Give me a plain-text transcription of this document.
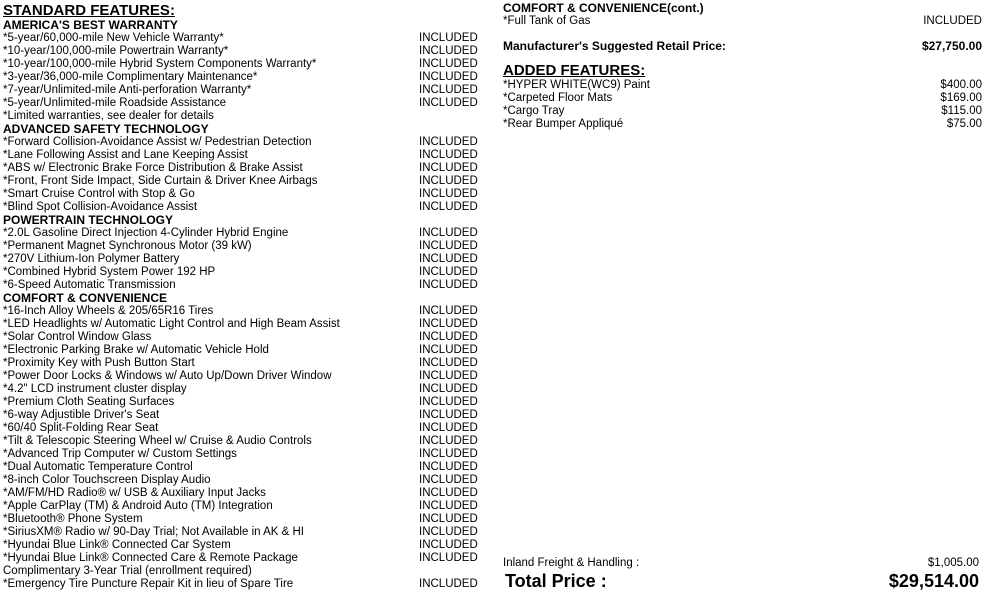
STANDARD FEATURES:
AMERICA'S BEST WARRANTY
*5-year/60,000-mile New Vehicle Warranty*	INCLUDED
*10-year/100,000-mile Powertrain Warranty*	INCLUDED
*10-year/100,000-mile Hybrid System Components Warranty*	INCLUDED
*3-year/36,000-mile Complimentary Maintenance*	INCLUDED
*7-year/Unlimited-mile Anti-perforation Warranty*	INCLUDED
*5-year/Unlimited-mile Roadside Assistance	INCLUDED
*Limited warranties, see dealer for details
ADVANCED SAFETY TECHNOLOGY
*Forward Collision-Avoidance Assist w/ Pedestrian Detection	INCLUDED
*Lane Following Assist and Lane Keeping Assist	INCLUDED
*ABS w/ Electronic Brake Force Distribution & Brake Assist	INCLUDED
*Front, Front Side Impact, Side Curtain & Driver Knee Airbags	INCLUDED
*Smart Cruise Control with Stop & Go	INCLUDED
*Blind Spot Collision-Avoidance Assist	INCLUDED
POWERTRAIN TECHNOLOGY
*2.0L Gasoline Direct Injection 4-Cylinder Hybrid Engine	INCLUDED
*Permanent Magnet Synchronous Motor (39 kW)	INCLUDED
*270V Lithium-Ion Polymer Battery	INCLUDED
*Combined Hybrid System Power 192 HP	INCLUDED
*6-Speed Automatic Transmission	INCLUDED
COMFORT & CONVENIENCE
*16-Inch Alloy Wheels & 205/65R16 Tires	INCLUDED
*LED Headlights w/ Automatic Light Control and High Beam Assist	INCLUDED
*Solar Control Window Glass	INCLUDED
*Electronic Parking Brake w/ Automatic Vehicle Hold	INCLUDED
*Proximity Key with Push Button Start	INCLUDED
*Power Door Locks & Windows w/ Auto Up/Down Driver Window	INCLUDED
*4.2" LCD instrument cluster display	INCLUDED
*Premium Cloth Seating Surfaces	INCLUDED
*6-way Adjustible Driver's Seat	INCLUDED
*60/40 Split-Folding Rear Seat	INCLUDED
*Tilt & Telescopic Steering Wheel w/ Cruise & Audio Controls	INCLUDED
*Advanced Trip Computer w/ Custom Settings	INCLUDED
*Dual Automatic Temperature Control	INCLUDED
*8-inch Color Touchscreen Display Audio	INCLUDED
*AM/FM/HD Radio® w/ USB & Auxiliary Input Jacks	INCLUDED
*Apple CarPlay (TM) & Android Auto (TM) Integration	INCLUDED
*Bluetooth® Phone System	INCLUDED
*SiriusXM® Radio w/ 90-Day Trial; Not Available in AK & HI	INCLUDED
*Hyundai Blue Link® Connected Car System	INCLUDED
*Hyundai Blue Link® Connected Care & Remote Package	INCLUDED
Complimentary 3-Year Trial (enrollment required)
*Emergency Tire Puncture Repair Kit in lieu of Spare Tire	INCLUDED
COMFORT & CONVENIENCE(cont.)
*Full Tank of Gas	INCLUDED
Manufacturer's Suggested Retail Price:	$27,750.00
ADDED FEATURES:
*HYPER WHITE(WC9) Paint	$400.00
*Carpeted Floor Mats	$169.00
*Cargo Tray	$115.00
*Rear Bumper Appliqué	$75.00
Inland Freight & Handling :	$1,005.00
Total Price :	$29,514.00
